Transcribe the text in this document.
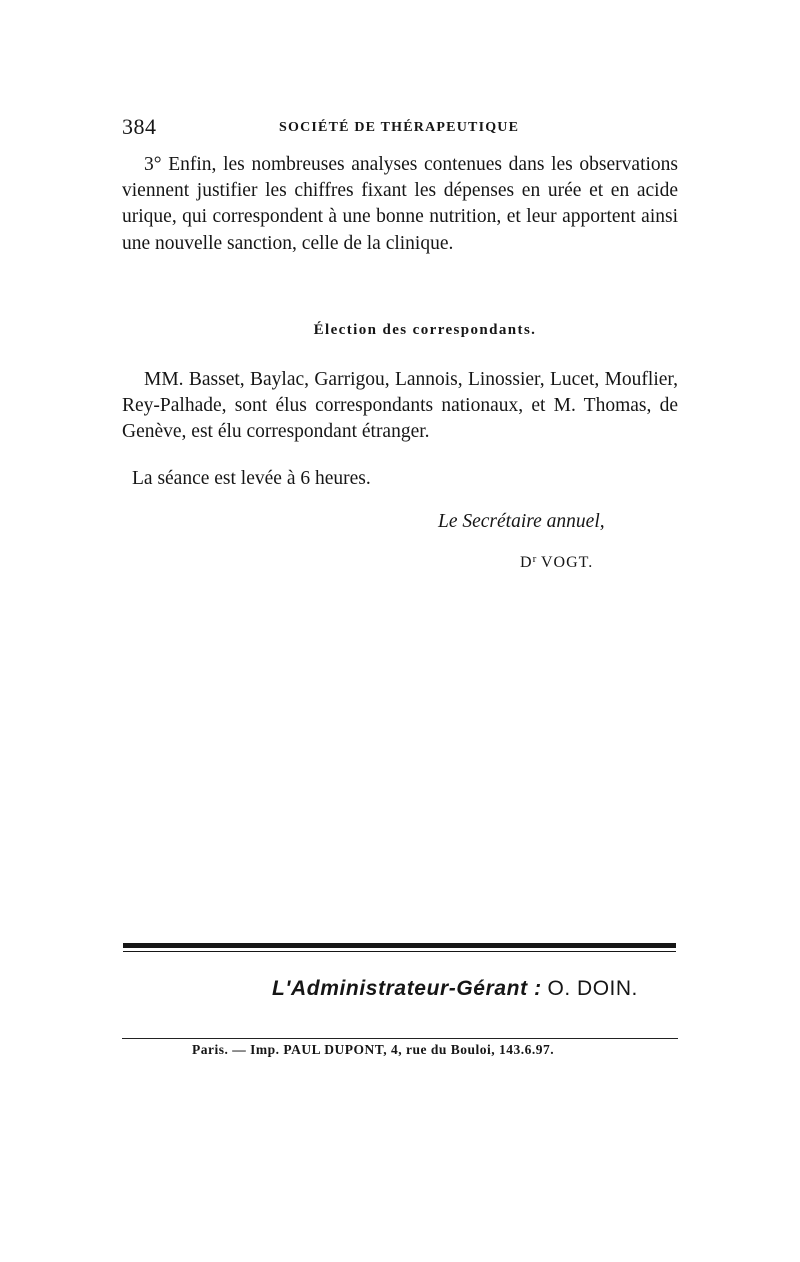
384	SOCIÉTÉ DE THÉRAPEUTIQUE

3° Enfin, les nombreuses analyses contenues dans les observations viennent justifier les chiffres fixant les dépenses en urée et en acide urique, qui correspondent à une bonne nutrition, et leur apportent ainsi une nouvelle sanction, celle de la clinique.

Élection des correspondants.

MM. Basset, Baylac, Garrigou, Lannois, Linossier, Lucet, Mouflier, Rey-Palhade, sont élus correspondants nationaux, et M. Thomas, de Genève, est élu correspondant étranger.

La séance est levée à 6 heures.

Le Secrétaire annuel,
$D^r$ VOGT.
L'Administrateur-Gérant : O. DOIN.
Paris. — Imp. PAUL DUPONT, 4, rue du Bouloi, 143.6.97.
